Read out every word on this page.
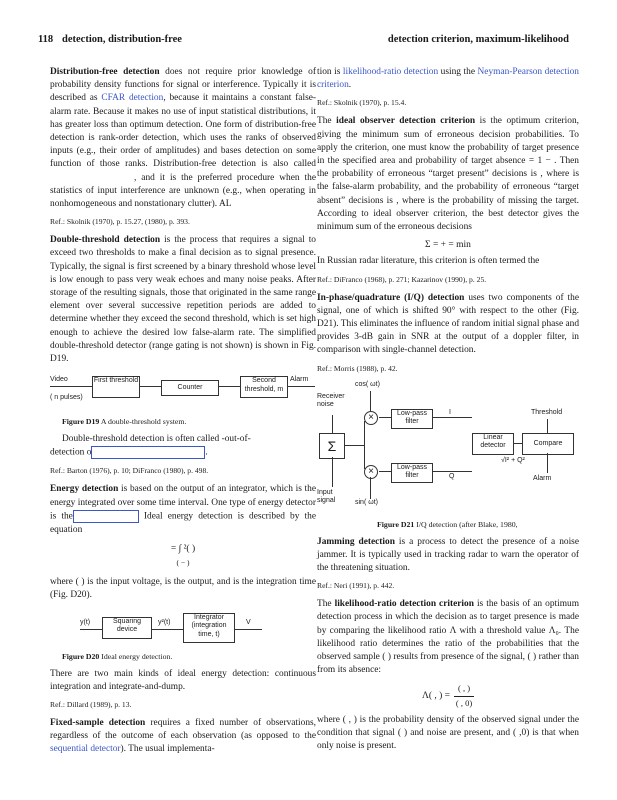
118 detection, distribution-free	detection criterion, maximum-likelihood

Distribution-free detection does not require prior knowledge of probability density functions for signal or interference. Typically it is described as CFAR detection, because it maintains a constant false-alarm rate. Because it makes no use of input statistical distributions, it has greater loss than optimum detection. One form of distribution-free detection is rank-order detection, which uses the ranks of observed inputs (e.g., their order of amplitudes) and bases detection on some function of those ranks. Distribution-free detection is also called , and it is the preferred procedure when the statistics of input interference are unknown (e.g., when operating in nonhomogeneous and nonstationary clutter). AL

Ref.: Skolnik (1970), p. 15.27, (1980), p. 393.

Double-threshold detection is the process that requires a signal to exceed two thresholds to make a final decision as to signal presence. Typically, the signal is first screened by a binary threshold whose level is low enough to pass very weak echoes and many noise peaks. After storage of the resulting signals, those that originated in the same range element over several successive repetition periods are added to determine whether they exceed the second threshold, which is set high enough to achieve the desired low false-alarm rate. The simplified double-threshold detector (range gating is not shown) is shown in Fig. D19.

Video
( n pulses)
First threshold
Counter
Second threshold, m
Alarm
Figure D19 A double-threshold system.

Double-threshold detection is often called -out-of-

detection o	.

Ref.: Barton (1976), p. 10; DiFranco (1980), p. 498.

Energy detection is based on the output of an integrator, which is the energy integrated over some time interval. One type of energy detector is the	Ideal energy detection is described by the equation

= ∫ ²( )
( − )

where ( ) is the input voltage, is the output, and is the integration time (Fig. D20).

y(t)	Squaring device
y²(t)
Integrator (integration time, t)
V
Figure D20 Ideal energy detection.

There are two main kinds of ideal energy detection: continuous integration and integrate-and-dump.

Ref.: Dillard (1989), p. 13.

Fixed-sample detection requires a fixed number of observations, regardless of the outcome of each observation (as opposed to the sequential detector). The usual implementa-

tion is likelihood-ratio detection using the Neyman-Pearson detection criterion.

Ref.: Skolnik (1970), p. 15.4.

The ideal observer detection criterion is the optimum criterion, giving the minimum sum of erroneous decision probabilities. To apply the criterion, one must know the probability of target presence in the specified area and probability of target absence = 1 − . Then the probability of erroneous “target present” decisions is , where is the false-alarm probability, and the probability of erroneous “target absent” decisions is , where is the probability of missing the target. According to ideal observer criterion, the best detector gives the minimum sum of the erroneous decisions

Σ = + = min

In Russian radar literature, this criterion is often termed the

Ref.: DiFranco (1968), p. 271; Kazarinov (1990), p. 25.

In-phase/quadrature (I/Q) detection uses two components of the signal, one of which is shifted 90° with respect to the other (Fig. D21). This eliminates the influence of random initial signal phase and provides 3-dB gain in SNR at the output of a doppler filter, in comparison with single-channel detection.

Ref.: Morris (1988), p. 42.
cos( ωt)
Receiver noise
Threshold
×	Low-pass filter
I
Σ
Linear detector	Compare
√I² + Q²
×	Low-pass filter	Q	Alarm
Input signal	sin( ωt)
Figure D21 I/Q detection (after Blake, 1980,

Jamming detection is a process to detect the presence of a noise jammer. It is typically used in tracking radar to warn the operator of the threatening situation.

Ref.: Neri (1991), p. 442.

The likelihood-ratio detection criterion is the basis of an optimum detection process in which the decision as to target presence is made by comparing the likelihood ratio Λ with a threshold value Λ₀. The likelihood ratio determines the ratio of the probabilities that the observed sample ( ) results from presence of the signal, ( ) rather than from its absence:

Λ( , ) =
( , )
( , 0)

where ( , ) is the probability density of the observed signal under the condition that signal ( ) and noise are present, and ( ,0) is that when only noise is present.
